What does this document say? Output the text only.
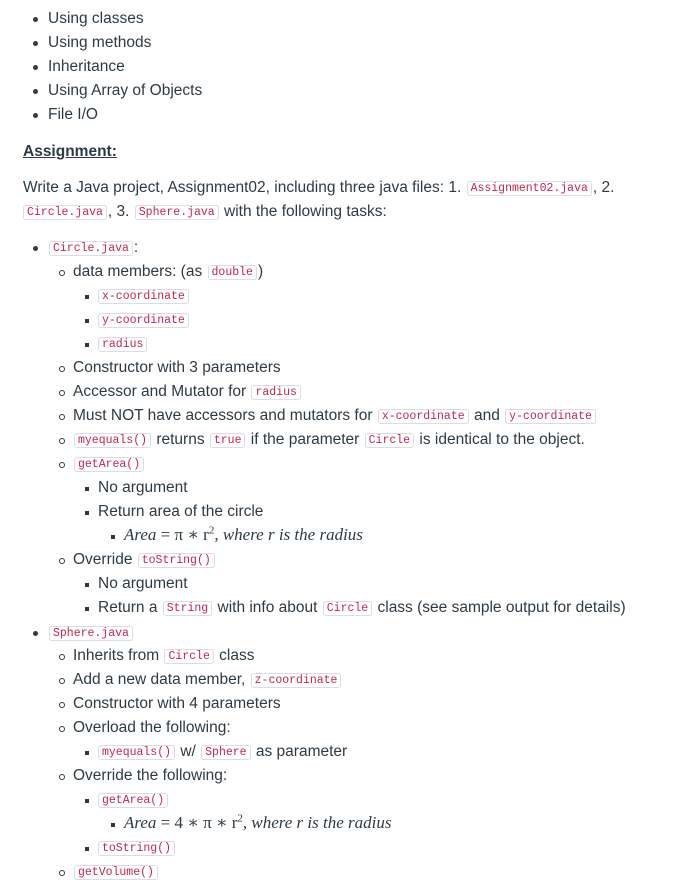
Using classes
Using methods
Inheritance
Using Array of Objects
File I/O
Assignment:
Write a Java project, Assignment02, including three java files: 1. Assignment02.java , 2.
Circle.java , 3. Sphere.java with the following tasks:
Circle.java :
data members: (as double )
x-coordinate
y-coordinate
radius
Constructor with 3 parameters
Accessor and Mutator for radius
Must NOT have accessors and mutators for x-coordinate and y-coordinate
myequals() returns true if the parameter Circle is identical to the object.
getArea()
No argument
Return area of the circle
Area = π ∗ $r^2$, where r is the radius
Override toString()
No argument
Return a String with info about Circle class (see sample output for details)
Sphere.java
Inherits from Circle class
Add a new data member, z-coordinate
Constructor with 4 parameters
Overload the following:
myequals() w/ Sphere as parameter
Override the following:
getArea()
Area = 4 ∗ π ∗ $r^2$, where r is the radius
toString()
getVolume()
